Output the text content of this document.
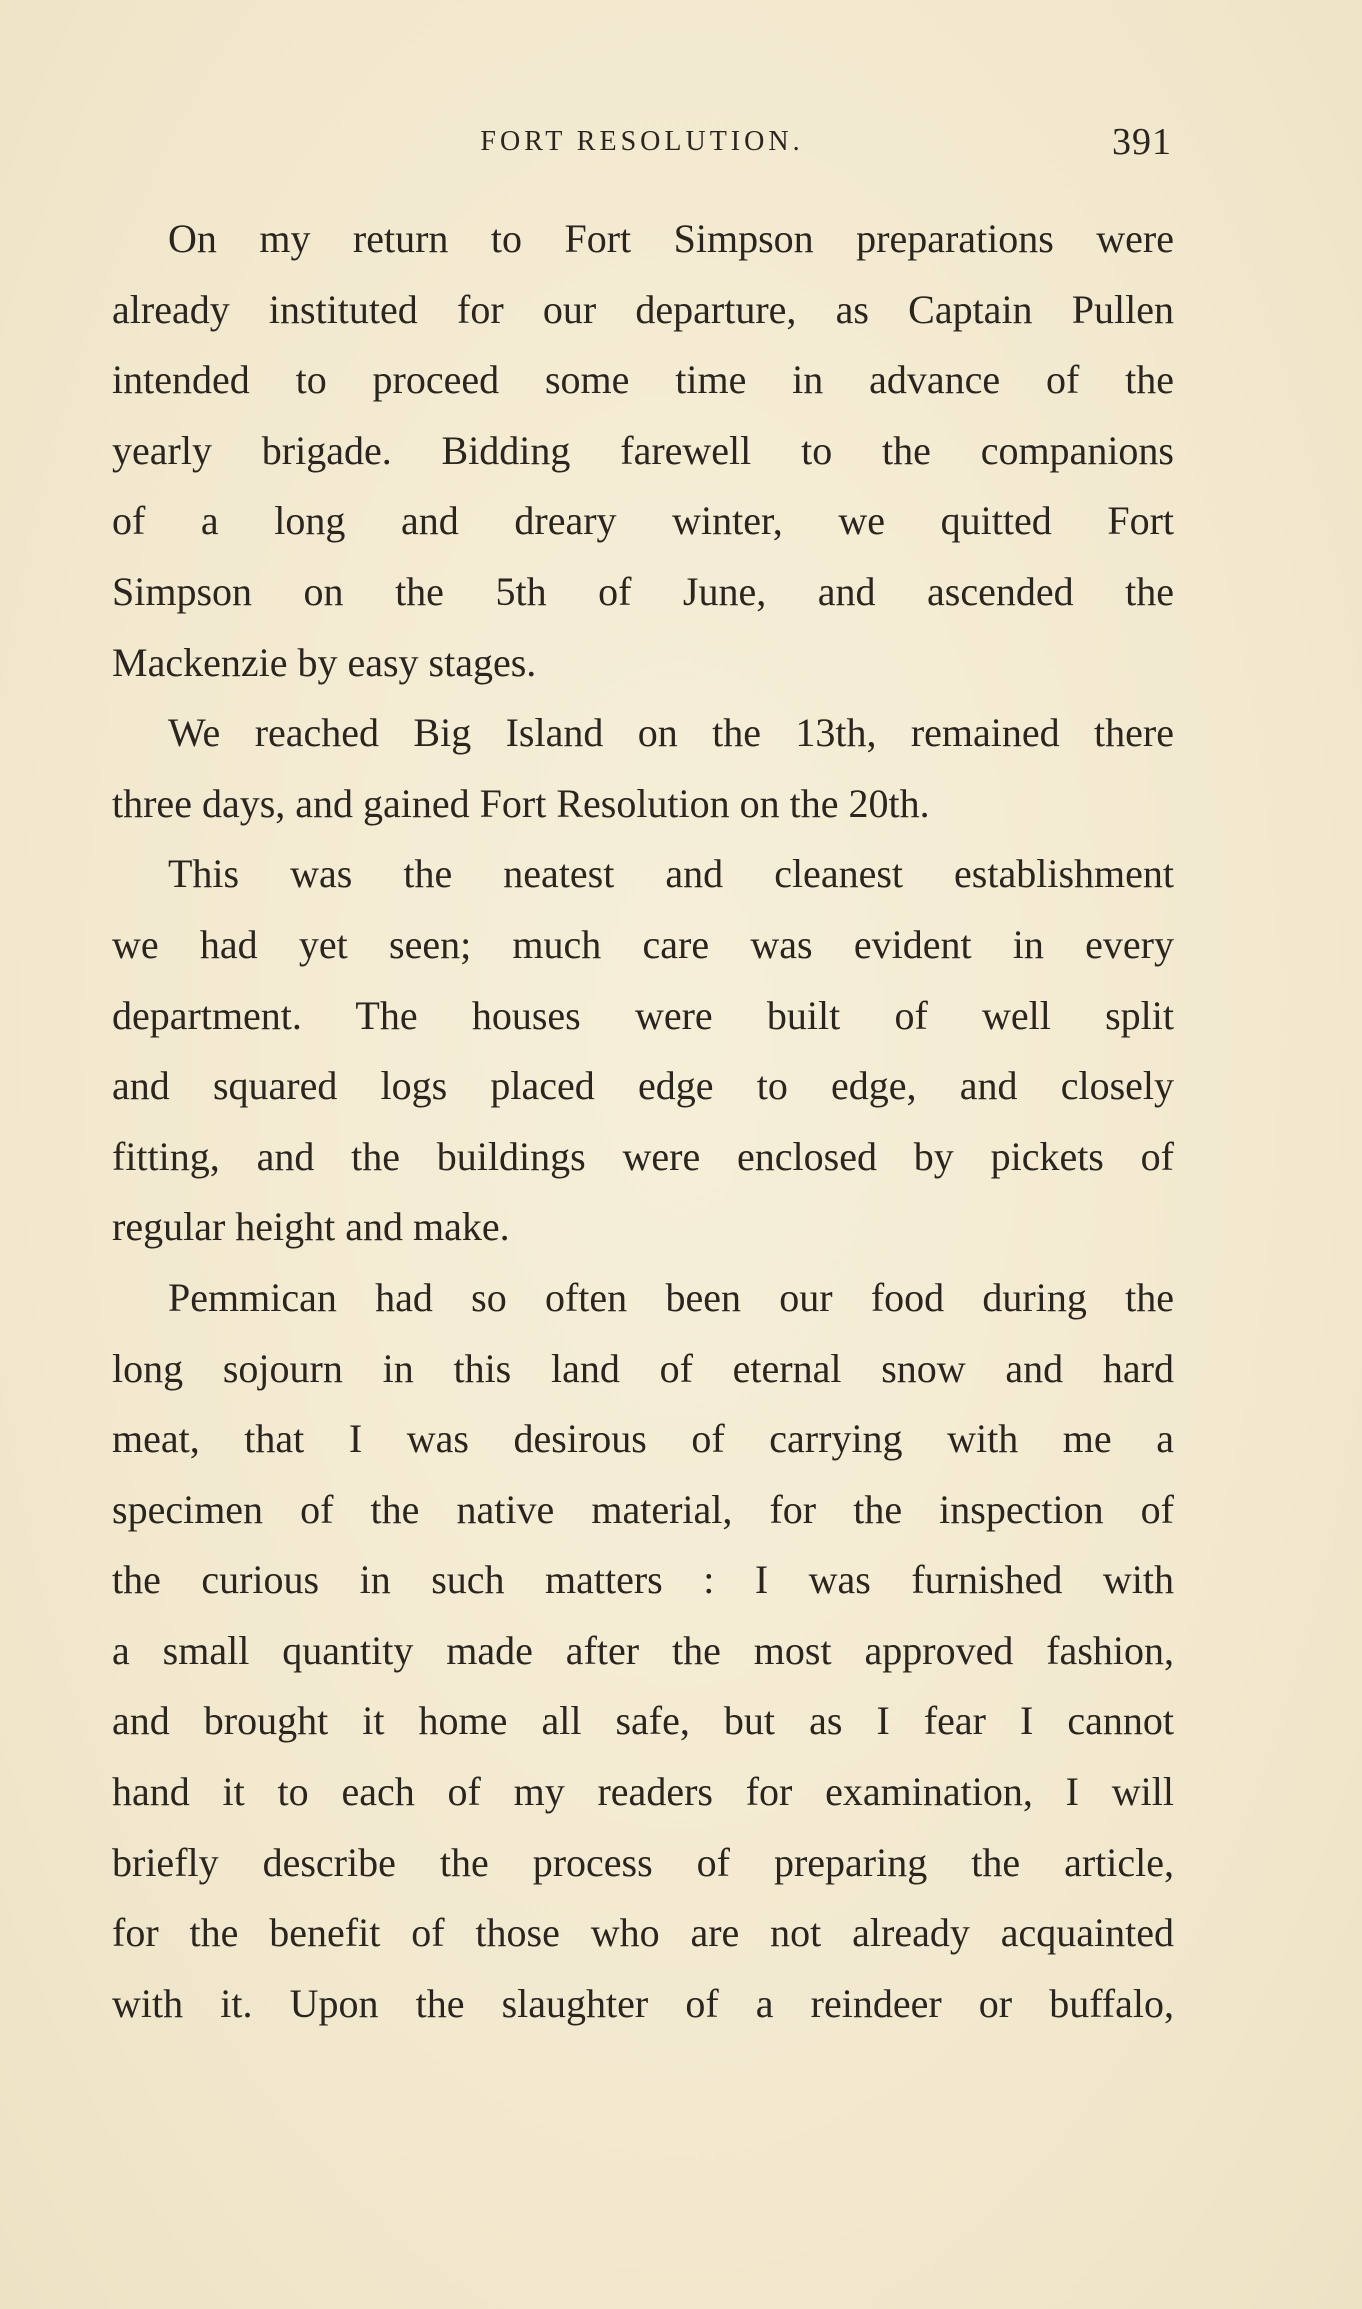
FORT RESOLUTION.	391
On my return to Fort Simpson preparations were
already instituted for our departure, as Captain Pullen
intended to proceed some time in advance of the
yearly brigade. Bidding farewell to the companions
of a long and dreary winter, we quitted Fort
Simpson on the 5th of June, and ascended the
Mackenzie by easy stages.
We reached Big Island on the 13th, remained there
three days, and gained Fort Resolution on the 20th.
This was the neatest and cleanest establishment
we had yet seen; much care was evident in every
department. The houses were built of well split
and squared logs placed edge to edge, and closely
fitting, and the buildings were enclosed by pickets of
regular height and make.
Pemmican had so often been our food during the
long sojourn in this land of eternal snow and hard
meat, that I was desirous of carrying with me a
specimen of the native material, for the inspection of
the curious in such matters : I was furnished with
a small quantity made after the most approved fashion,
and brought it home all safe, but as I fear I cannot
hand it to each of my readers for examination, I will
briefly describe the process of preparing the article,
for the benefit of those who are not already acquainted
with it. Upon the slaughter of a reindeer or buffalo,
